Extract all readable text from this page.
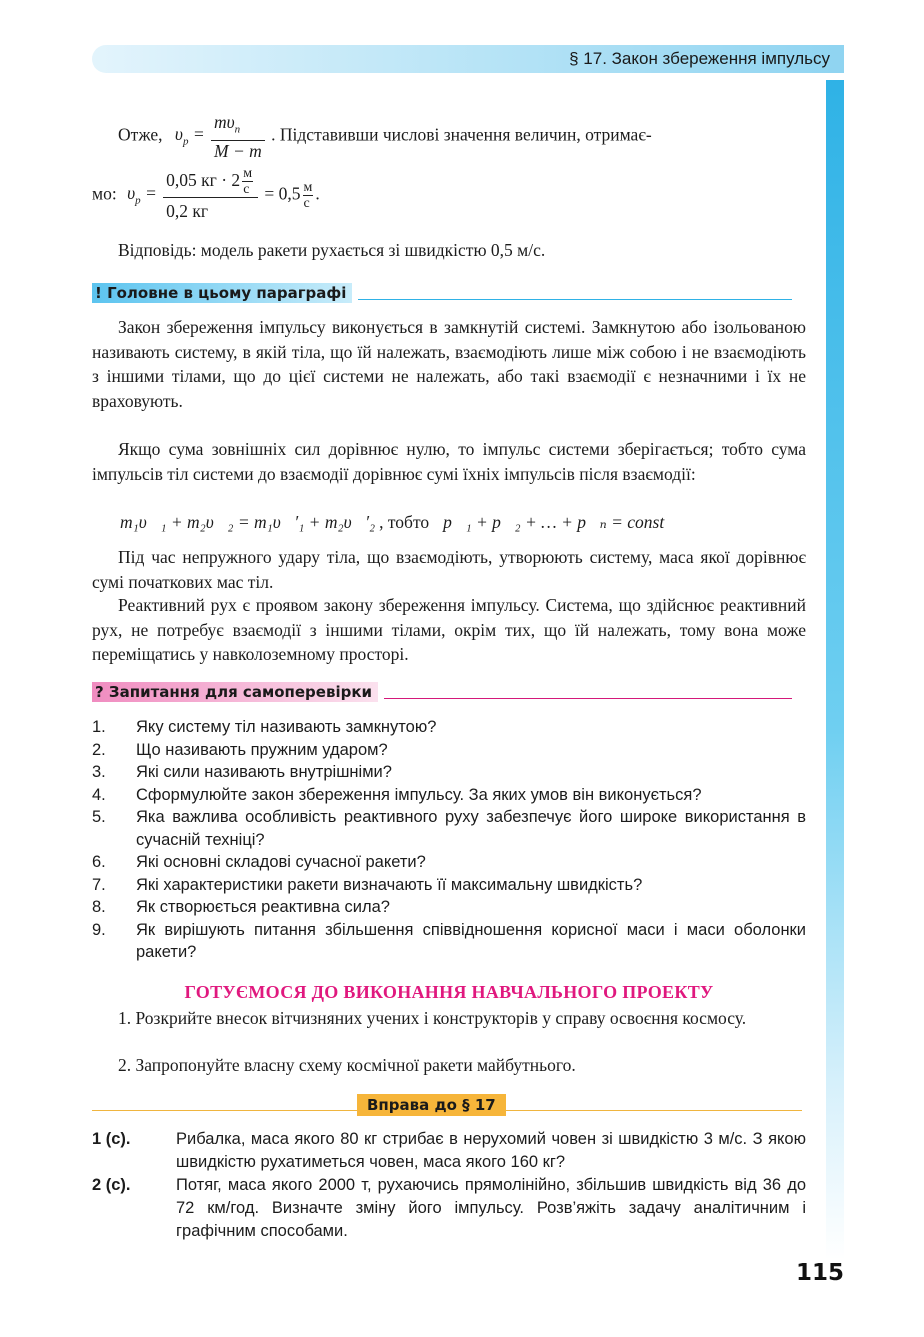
§ 17. Закон збереження імпульсу
Отже, $\upsilon_р = \frac{m\upsilon_п}{M - m}$ . Підставивши числові значення величин, отримає-
мо: $\upsilon_р = \frac{0,05 кг \cdot 2 \frac{м}{с}}{0,2 кг} = 0,5 \frac{м}{с}$ .
Відповідь: модель ракети рухається зі швидкістю 0,5 м/с.
! Головне в цьому параграфі
Закон збереження імпульсу виконується в замкнутій системі. Замкнутою або ізольованою називають систему, в якій тіла, що їй належать, взаємодіють лише між собою і не взаємодіють з іншими тілами, що до цієї системи не належать, або такі взаємодії є незначними і їх не враховують.
Якщо сума зовнішніх сил дорівнює нулю, то імпульс системи зберігається; тобто сума імпульсів тіл системи до взаємодії дорівнює сумі їхніх імпульсів після взаємодії:
m₁υ⃗₁ + m₂υ⃗₂ = m₁υ⃗′₁ + m₂υ⃗′₂ , тобто p⃗₁ + p⃗₂ + … + p⃗ₙ = const
Під час непружного удару тіла, що взаємодіють, утворюють систему, маса якої дорівнює сумі початкових мас тіл.
Реактивний рух є проявом закону збереження імпульсу. Система, що здійснює реактивний рух, не потребує взаємодії з іншими тілами, окрім тих, що їй належать, тому вона може переміщатись у навколоземному просторі.
? Запитання для самоперевірки
1.	Яку систему тіл називають замкнутою?
2.	Що називають пружним ударом?
3.	Які сили називають внутрішніми?
4.	Сформулюйте закон збереження імпульсу. За яких умов він виконується?
5.	Яка важлива особливість реактивного руху забезпечує його широке використання в сучасній техніці?
6.	Які основні складові сучасної ракети?
7.	Які характеристики ракети визначають її максимальну швидкість?
8.	Як створюється реактивна сила?
9.	Як вирішують питання збільшення співвідношення корисної маси і маси оболонки ракети?
ГОТУЄМОСЯ ДО ВИКОНАННЯ НАВЧАЛЬНОГО ПРОЕКТУ
1. Розкрийте внесок вітчизняних учених і конструкторів у справу освоєння космосу.
2. Запропонуйте власну схему космічної ракети майбутнього.
Вправа до § 17
1 (с).	Рибалка, маса якого 80 кг стрибає в нерухомий човен зі швидкістю 3 м/с. З якою швидкістю рухатиметься човен, маса якого 160 кг?
2 (с).	Потяг, маса якого 2000 т, рухаючись прямолінійно, збільшив швидкість від 36 до 72 км/год. Визначте зміну його імпульсу. Розв’яжіть задачу аналітичним і графічним способами.
115
